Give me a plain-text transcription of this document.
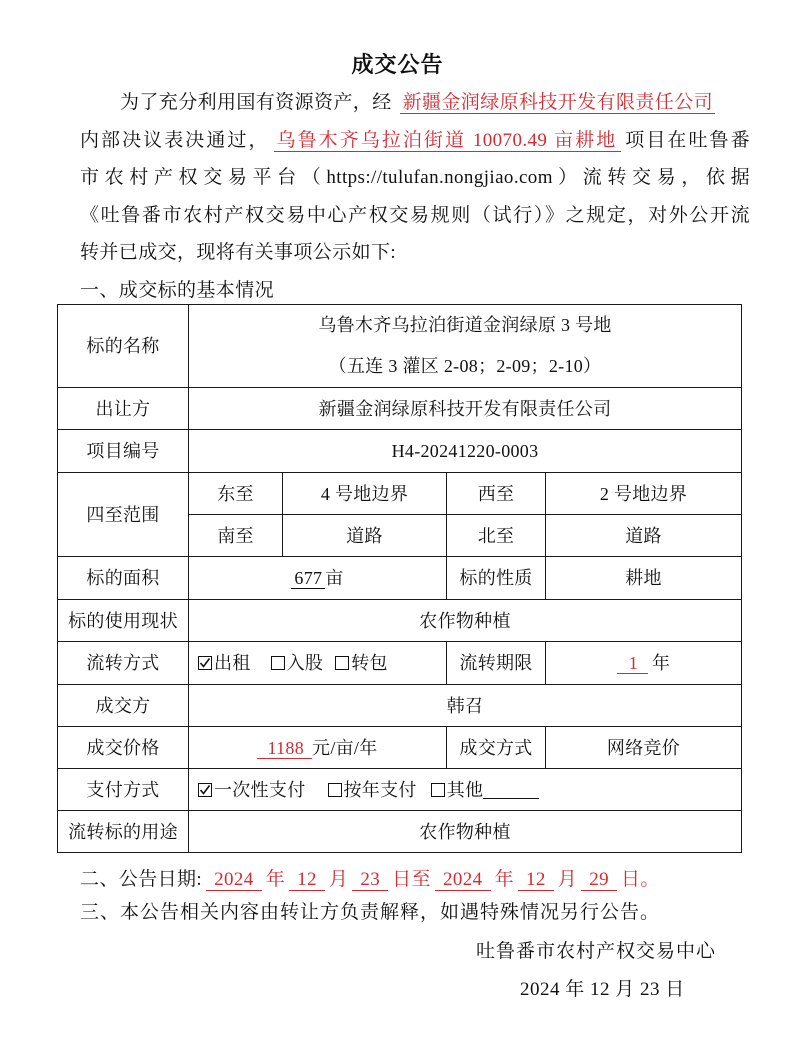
成交公告
为了充分利用国有资源资产，经 新疆金润绿原科技开发有限责任公司
内部决议表决通过， 乌鲁木齐乌拉泊街道 10070.49 亩耕地 项目在吐鲁番
市农村产权交易平台（https://tulufan.nongjiao.com）流转交易，依据
《吐鲁番市农村产权交易中心产权交易规则（试行）》之规定，对外公开流
转并已成交，现将有关事项公示如下:
一、成交标的基本情况
标的名称	乌鲁木齐乌拉泊街道金润绿原 3 号地
（五连 3 灌区 2-08；2-09；2-10）			

出让方	新疆金润绿原科技开发有限责任公司			
项目编号	H4-20241220-0003			
四至范围	东至	4 号地边界	西至	2 号地边界
	南至	道路	北至	道路
标的面积	677 亩		标的性质	耕地
标的使用现状	农作物种植			
流转方式	出租 入股 转包		流转期限	1 年
成交方	韩召			
成交价格	1188 元/亩/年		成交方式	网络竞价
支付方式	一次性支付 按年支付 其他			
流转标的用途	农作物种植			
二、公告日期: 2024 年 12 月 23 日至 2024 年 12 月 29 日。
三、本公告相关内容由转让方负责解释，如遇特殊情况另行公告。
吐鲁番市农村产权交易中心
2024 年 12 月 23 日
